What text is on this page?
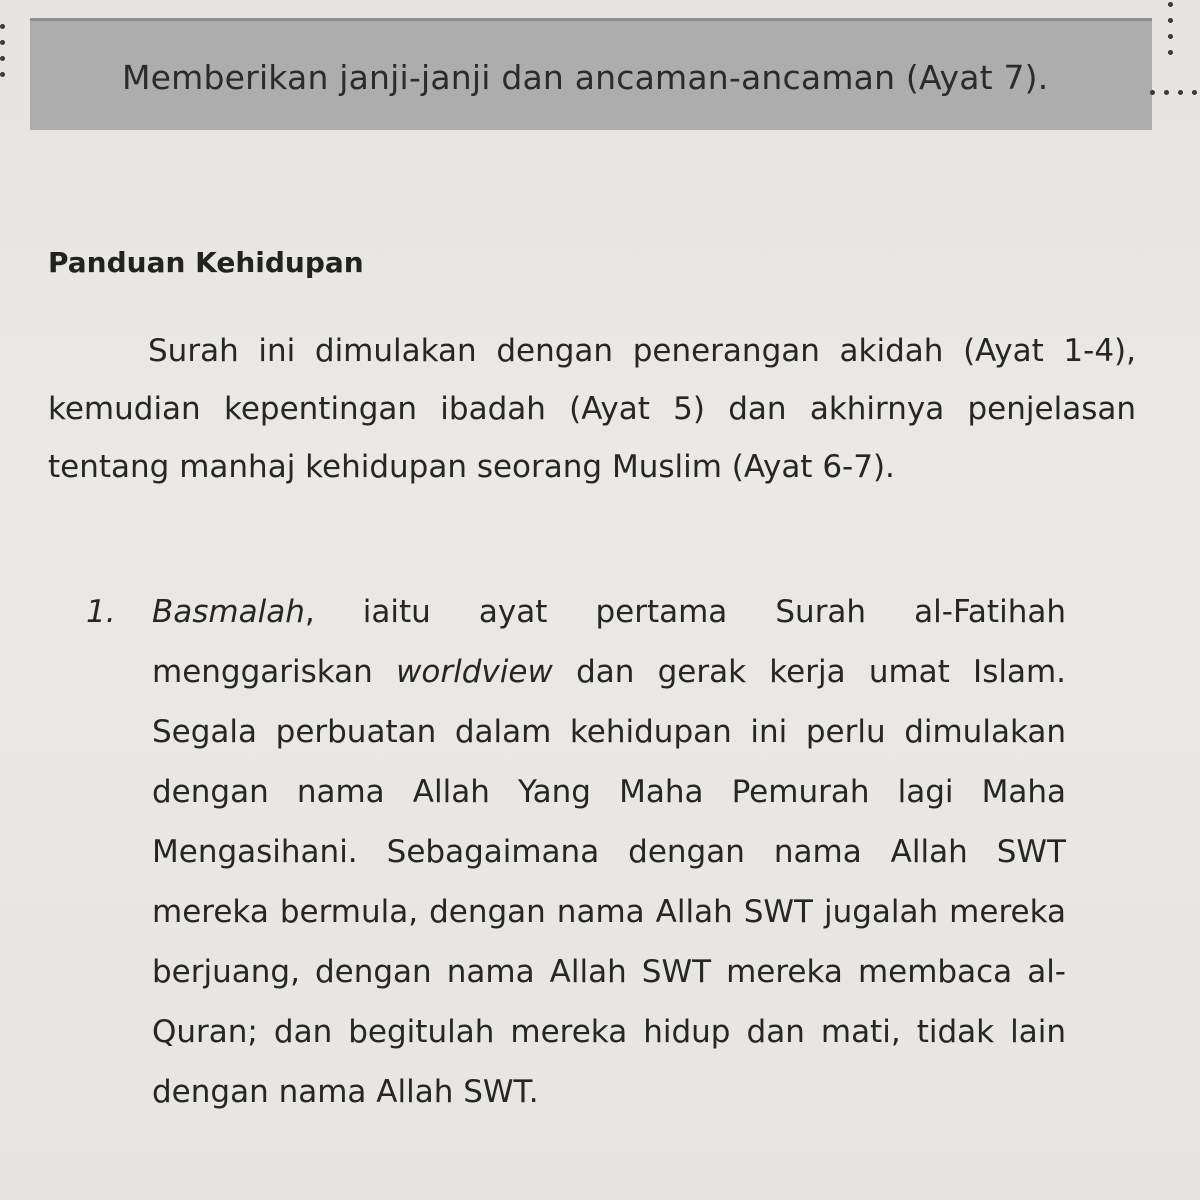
Memberikan janji-janji dan ancaman-ancaman (Ayat 7).
Panduan Kehidupan

Surah ini dimulakan dengan penerangan akidah (Ayat 1-4), kemudian kepentingan ibadah (Ayat 5) dan akhirnya penjelasan tentang manhaj kehidupan seorang Muslim (Ayat 6-7).

1. Basmalah, iaitu ayat pertama Surah al-Fatihah menggariskan worldview dan gerak kerja umat Islam. Segala perbuatan dalam kehidupan ini perlu dimulakan dengan nama Allah Yang Maha Pemurah lagi Maha Mengasihani. Sebagaimana dengan nama Allah SWT mereka bermula, dengan nama Allah SWT jugalah mereka berjuang, dengan nama Allah SWT mereka membaca al-Quran; dan begitulah mereka hidup dan mati, tidak lain dengan nama Allah SWT.
